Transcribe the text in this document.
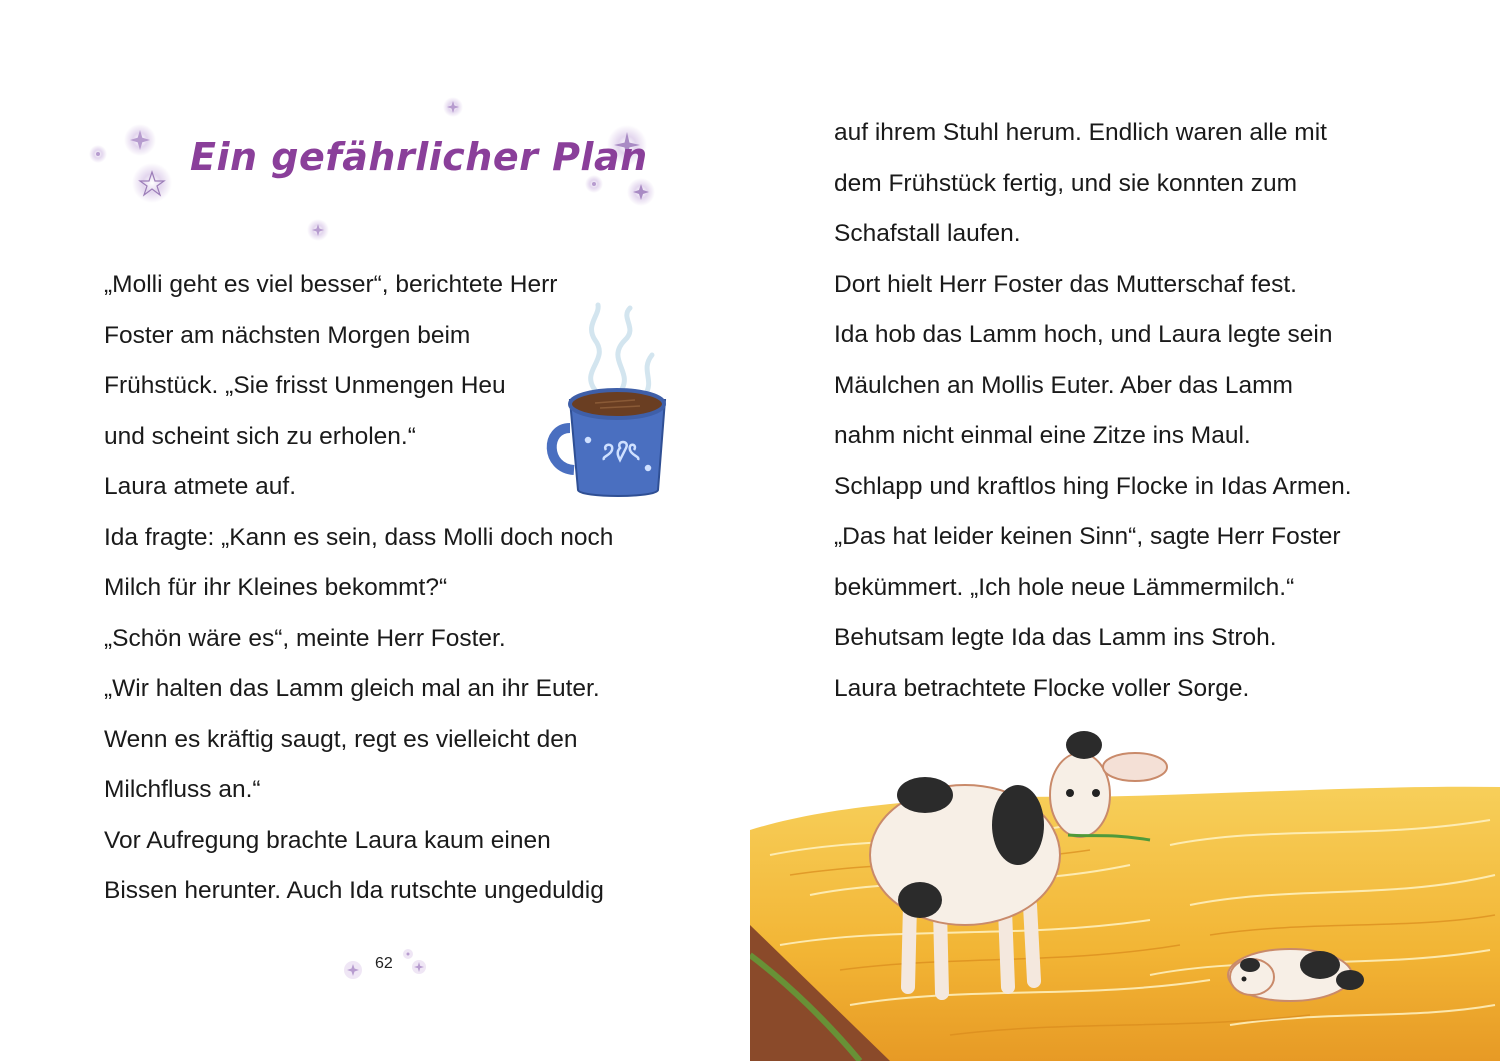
Ein gefährlicher Plan
„Molli geht es viel besser“, berichtete Herr
Foster am nächsten Morgen beim
Frühstück. „Sie frisst Unmengen Heu
und scheint sich zu erholen.“
Laura atmete auf.
Ida fragte: „Kann es sein, dass Molli doch noch
Milch für ihr Kleines bekommt?“
„Schön wäre es“, meinte Herr Foster.
„Wir halten das Lamm gleich mal an ihr Euter.
Wenn es kräftig saugt, regt es vielleicht den
Milchfluss an.“
Vor Aufregung brachte Laura kaum einen
Bissen herunter. Auch Ida rutschte ungeduldig
62
auf ihrem Stuhl herum. Endlich waren alle mit
dem Frühstück fertig, und sie konnten zum
Schafstall laufen.
Dort hielt Herr Foster das Mutterschaf fest.
Ida hob das Lamm hoch, und Laura legte sein
Mäulchen an Mollis Euter. Aber das Lamm
nahm nicht einmal eine Zitze ins Maul.
Schlapp und kraftlos hing Flocke in Idas Armen.
„Das hat leider keinen Sinn“, sagte Herr Foster
bekümmert. „Ich hole neue Lämmermilch.“
Behutsam legte Ida das Lamm ins Stroh.
Laura betrachtete Flocke voller Sorge.
